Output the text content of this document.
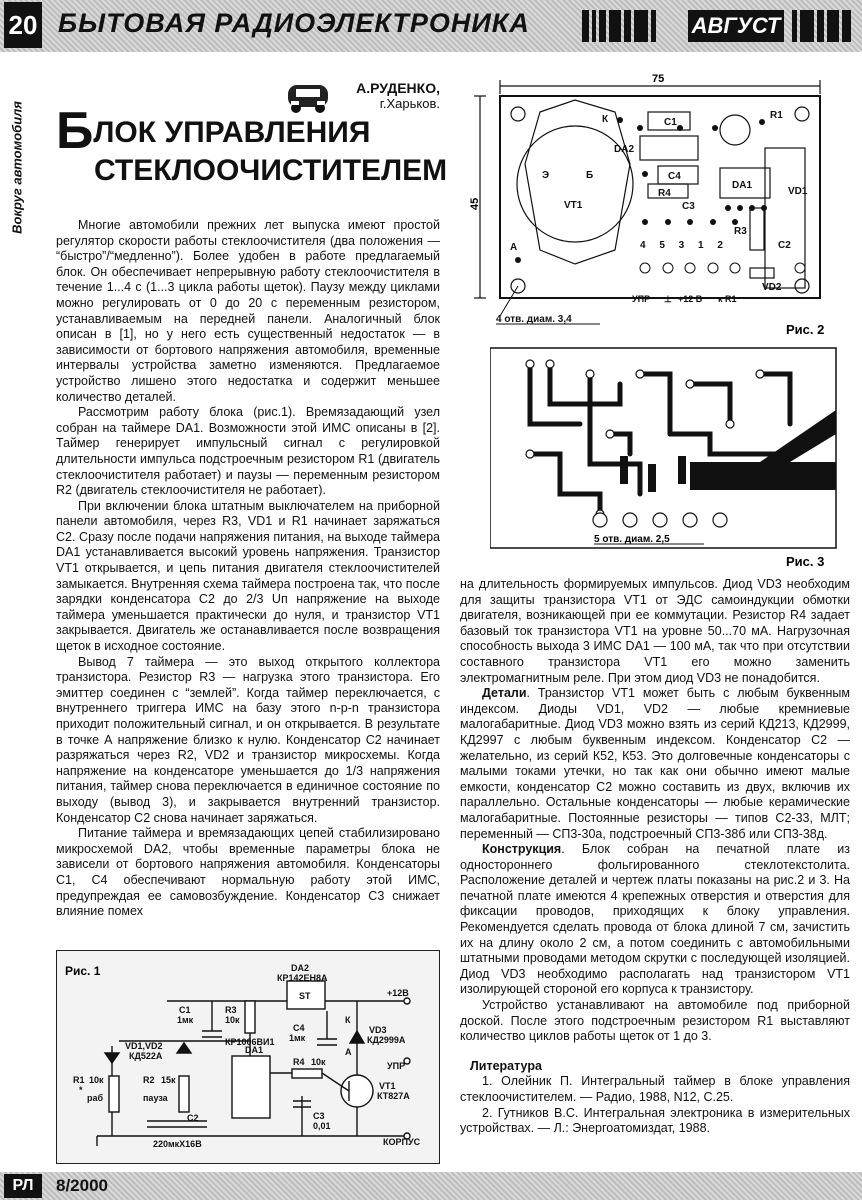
20 БЫТОВАЯ РАДИОЭЛЕКТРОНИКА	АВГУСТ
Вокруг автомобиля
А.РУДЕНКО,
г.Харьков.
БЛОК УПРАВЛЕНИЯ
СТЕКЛООЧИСТИТЕЛЕМ

Многие автомобили прежних лет выпуска имеют простой регулятор скорости работы стеклоочистителя (два положения — “быстро”/“медленно”). Более удобен в работе предлагаемый блок. Он обеспечивает непрерывную работу стеклоочистителя в течение 1...4 с (1...3 цикла работы щеток). Паузу между циклами можно регулировать от 0 до 20 с переменным резистором, устанавливаемым на передней панели. Аналогичный блок описан в [1], но у него есть существенный недостаток — в зависимости от бортового напряжения автомобиля, временные интервалы устройства заметно изменяются. Предлагаемое устройство лишено этого недостатка и содержит меньшее количество деталей.

Рассмотрим работу блока (рис.1). Времязадающий узел собран на таймере DA1. Возможности этой ИМС описаны в [2]. Таймер генерирует импульсный сигнал с регулировкой длительности импульса подстроечным резистором R1 (двигатель стеклоочистителя работает) и паузы — переменным резистором R2 (двигатель стеклоочистителя не работает).

При включении блока штатным выключателем на приборной панели автомобиля, через R3, VD1 и R1 начинает заряжаться C2. Сразу после подачи напряжения питания, на выходе таймера DA1 устанавливается высокий уровень напряжения. Транзистор VT1 открывается, и цепь питания двигателя стеклоочистителей замыкается. Внутренняя схема таймера построена так, что после зарядки конденсатора C2 до 2/3 Uп напряжение на выходе таймера уменьшается практически до нуля, и транзистор VT1 закрывается. Двигатель же останавливается после возвращения щеток в исходное состояние.

Вывод 7 таймера — это выход открытого коллектора транзистора. Резистор R3 — нагрузка этого транзистора. Его эмиттер соединен с “землей”. Когда таймер переключается, с внутреннего триггера ИМС на базу этого n-p-n транзистора приходит положительный сигнал, и он открывается. В результате в точке А напряжение близко к нулю. Конденсатор C2 начинает разряжаться через R2, VD2 и транзистор микросхемы. Когда напряжение на конденсаторе уменьшается до 1/3 напряжения питания, таймер снова переключается в единичное состояние по выходу (вывод 3), и закрывается внутренний транзистор. Конденсатор C2 снова начинает заряжаться.

Питание таймера и времязадающих цепей стабилизировано микросхемой DA2, чтобы временные параметры блока не зависели от бортового напряжения автомобиля. Конденсаторы C1, C4 обеспечивают нормальную работу этой ИМС, предупреждая ее самовозбуждение. Конденсатор C3 снижает влияние помех

Рис. 1	DA2
КР142ЕН8А
ST	+12В
C1
1мк
R3
10к
DA1
КР1006ВИ1
C4
1мк
VD3
КД2999А
К
A
VD1,VD2
КД522А
R1 10к
*
раб
R2 15к
пауза
R4 10к
VT1
КТ827А
УПР
C3
0,01
C2
220мкХ16В	КОРПУС
75
45
К	C1
R1
DA2
Э	Б
VT1
C4
DA1
VD1
R4
C3
R3
C2
A
VD2
4 5 3 1 2
УПР ⊥ +12 В к R1
4 отв. диам. 3,4
Рис. 2
5 отв. диам. 2,5
Рис. 3

на длительность формируемых импульсов. Диод VD3 необходим для защиты транзистора VT1 от ЭДС самоиндукции обмотки двигателя, возникающей при ее коммутации. Резистор R4 задает базовый ток транзистора VT1 на уровне 50...70 мА. Нагрузочная способность выхода 3 ИМС DA1 — 100 мА, так что при отсутствии составного транзистора VT1 его можно заменить электромагнитным реле. При этом диод VD3 не понадобится.

Детали. Транзистор VT1 может быть с любым буквенным индексом. Диоды VD1, VD2 — любые кремниевые малогабаритные. Диод VD3 можно взять из серий КД213, КД2999, КД2997 с любым буквенным индексом. Конденсатор C2 — желательно, из серий К52, К53. Это долговечные конденсаторы с малыми токами утечки, но так как они обычно имеют малые емкости, конденсатор C2 можно составить из двух, включив их параллельно. Остальные конденсаторы — любые керамические малогабаритные. Постоянные резисторы — типов С2-33, МЛТ; переменный — СП3-30а, подстроечный СП3-38б или СП3-38д.

Конструкция. Блок собран на печатной плате из одностороннего фольгированного стеклотекстолита. Расположение деталей и чертеж платы показаны на рис.2 и 3. На печатной плате имеются 4 крепежных отверстия и отверстия для фиксации проводов, приходящих к блоку управления. Рекомендуется сделать провода от блока длиной 7 см, зачистить их на длину около 2 см, а потом соединить с автомобильными штатными проводами методом скрутки с последующей изоляцией. Диод VD3 необходимо располагать над транзистором VT1 изолирующей стороной его корпуса к транзистору.

Устройство устанавливают на автомобиле под приборной доской. После этого подстроечным резистором R1 выставляют количество циклов работы щеток от 1 до 3.

Литература

1. Олейник П. Интегральный таймер в блоке управления стеклоочистителем. — Радио, 1988, N12, С.25.

2. Гутников В.С. Интегральная электроника в измерительных устройствах. — Л.: Энергоатомиздат, 1988.

РЛ	8/2000
